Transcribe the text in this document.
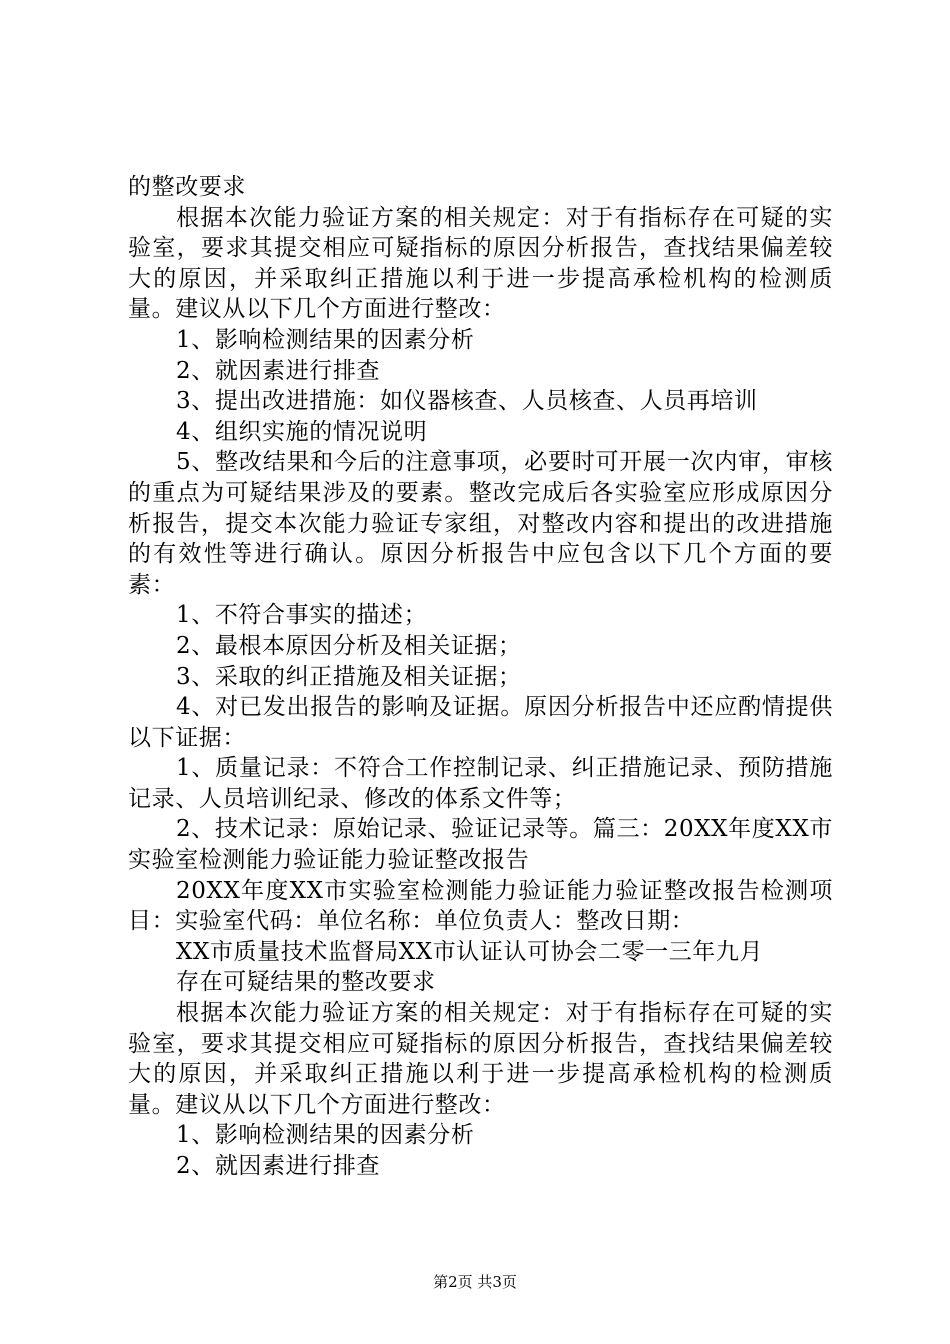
的整改要求

根据本次能力验证方案的相关规定：对于有指标存在可疑的实验室，要求其提交相应可疑指标的原因分析报告，查找结果偏差较大的原因，并采取纠正措施以利于进一步提高承检机构的检测质量。建议从以下几个方面进行整改：

1、影响检测结果的因素分析

2、就因素进行排查

3、提出改进措施：如仪器核查、人员核查、人员再培训

4、组织实施的情况说明

5、整改结果和今后的注意事项，必要时可开展一次内审，审核的重点为可疑结果涉及的要素。整改完成后各实验室应形成原因分析报告，提交本次能力验证专家组，对整改内容和提出的改进措施的有效性等进行确认。原因分析报告中应包含以下几个方面的要素：

1、不符合事实的描述；

2、最根本原因分析及相关证据；

3、采取的纠正措施及相关证据；

4、对已发出报告的影响及证据。原因分析报告中还应酌情提供以下证据：

1、质量记录：不符合工作控制记录、纠正措施记录、预防措施记录、人员培训纪录、修改的体系文件等；

2、技术记录：原始记录、验证记录等。篇三：20XX年度XX市实验室检测能力验证能力验证整改报告

20XX年度XX市实验室检测能力验证能力验证整改报告检测项目：实验室代码：单位名称：单位负责人：整改日期：

XX市质量技术监督局XX市认证认可协会二零一三年九月

存在可疑结果的整改要求

根据本次能力验证方案的相关规定：对于有指标存在可疑的实验室，要求其提交相应可疑指标的原因分析报告，查找结果偏差较大的原因，并采取纠正措施以利于进一步提高承检机构的检测质量。建议从以下几个方面进行整改：

1、影响检测结果的因素分析

2、就因素进行排查

第2页 共3页
